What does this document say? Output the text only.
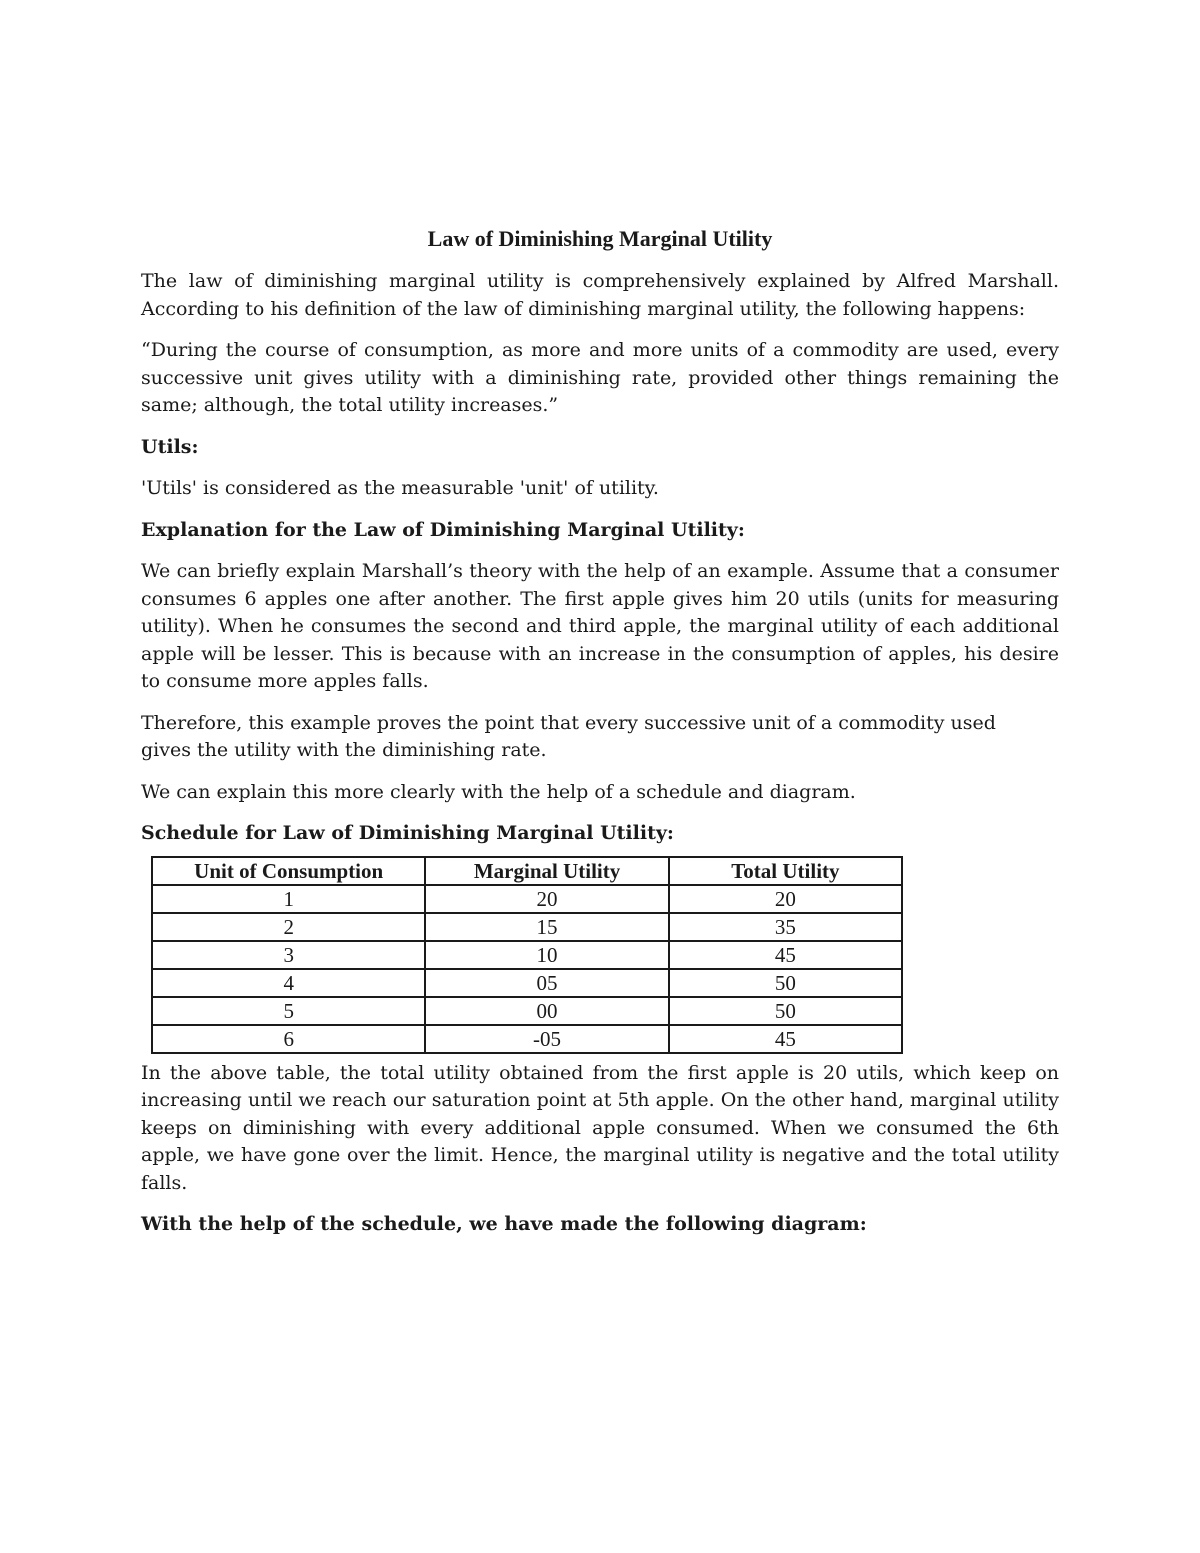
Law of Diminishing Marginal Utility

The law of diminishing marginal utility is comprehensively explained by Alfred Marshall. According to his definition of the law of diminishing marginal utility, the following happens:

“During the course of consumption, as more and more units of a commodity are used, every successive unit gives utility with a diminishing rate, provided other things remaining the same; although, the total utility increases.”

Utils:

'Utils' is considered as the measurable 'unit' of utility.

Explanation for the Law of Diminishing Marginal Utility:

We can briefly explain Marshall’s theory with the help of an example. Assume that a consumer consumes 6 apples one after another. The first apple gives him 20 utils (units for measuring utility). When he consumes the second and third apple, the marginal utility of each additional apple will be lesser. This is because with an increase in the consumption of apples, his desire to consume more apples falls.

Therefore, this example proves the point that every successive unit of a commodity used gives the utility with the diminishing rate.

We can explain this more clearly with the help of a schedule and diagram.

Schedule for Law of Diminishing Marginal Utility:

Unit of Consumption	Marginal Utility	Total Utility
1	20	20
2	15	35
3	10	45
4	05	50
5	00	50
6	-05	45

In the above table, the total utility obtained from the first apple is 20 utils, which keep on increasing until we reach our saturation point at 5th apple. On the other hand, marginal utility keeps on diminishing with every additional apple consumed. When we consumed the 6th apple, we have gone over the limit. Hence, the marginal utility is negative and the total utility falls.

With the help of the schedule, we have made the following diagram:
